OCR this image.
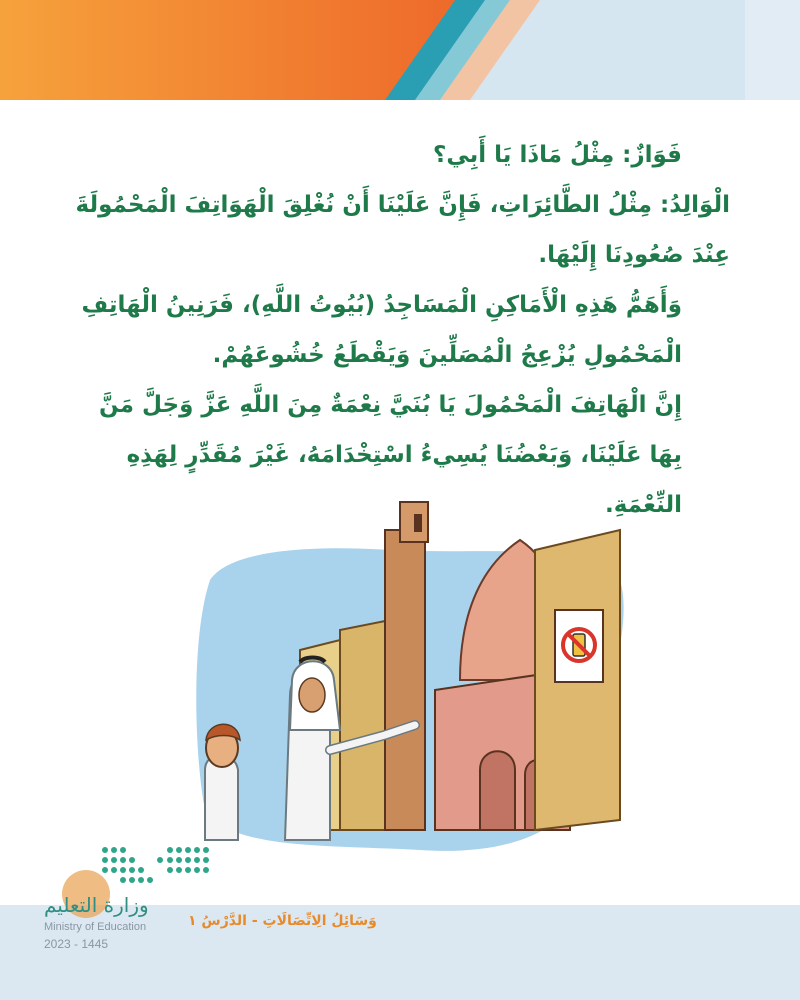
فَوَازٌ: مِثْلُ مَاذَا يَا أَبِي؟

الْوَالِدُ: مِثْلُ الطَّائِرَاتِ، فَإِنَّ عَلَيْنَا أَنْ نُغْلِقَ الْهَوَاتِفَ الْمَحْمُولَةَ عِنْدَ صُعُودِنَا إِلَيْهَا.

وَأَهَمُّ هَذِهِ الْأَمَاكِنِ الْمَسَاجِدُ (بُيُوتُ اللَّهِ)، فَرَنِينُ الْهَاتِفِ الْمَحْمُولِ يُزْعِجُ الْمُصَلِّينَ وَيَقْطَعُ خُشُوعَهُمْ.

إِنَّ الْهَاتِفَ الْمَحْمُولَ يَا بُنَيَّ نِعْمَةٌ مِنَ اللَّهِ عَزَّ وَجَلَّ مَنَّ بِهَا عَلَيْنَا، وَبَعْضُنَا يُسِيءُ اسْتِخْدَامَهُ، غَيْرَ مُقَدِّرٍ لِهَذِهِ النِّعْمَةِ.

وزارة التعليم
Ministry of Education
2023 - 1445
وَسَائِلُ الِاتِّصَالَاتِ - الدَّرْسُ ١
